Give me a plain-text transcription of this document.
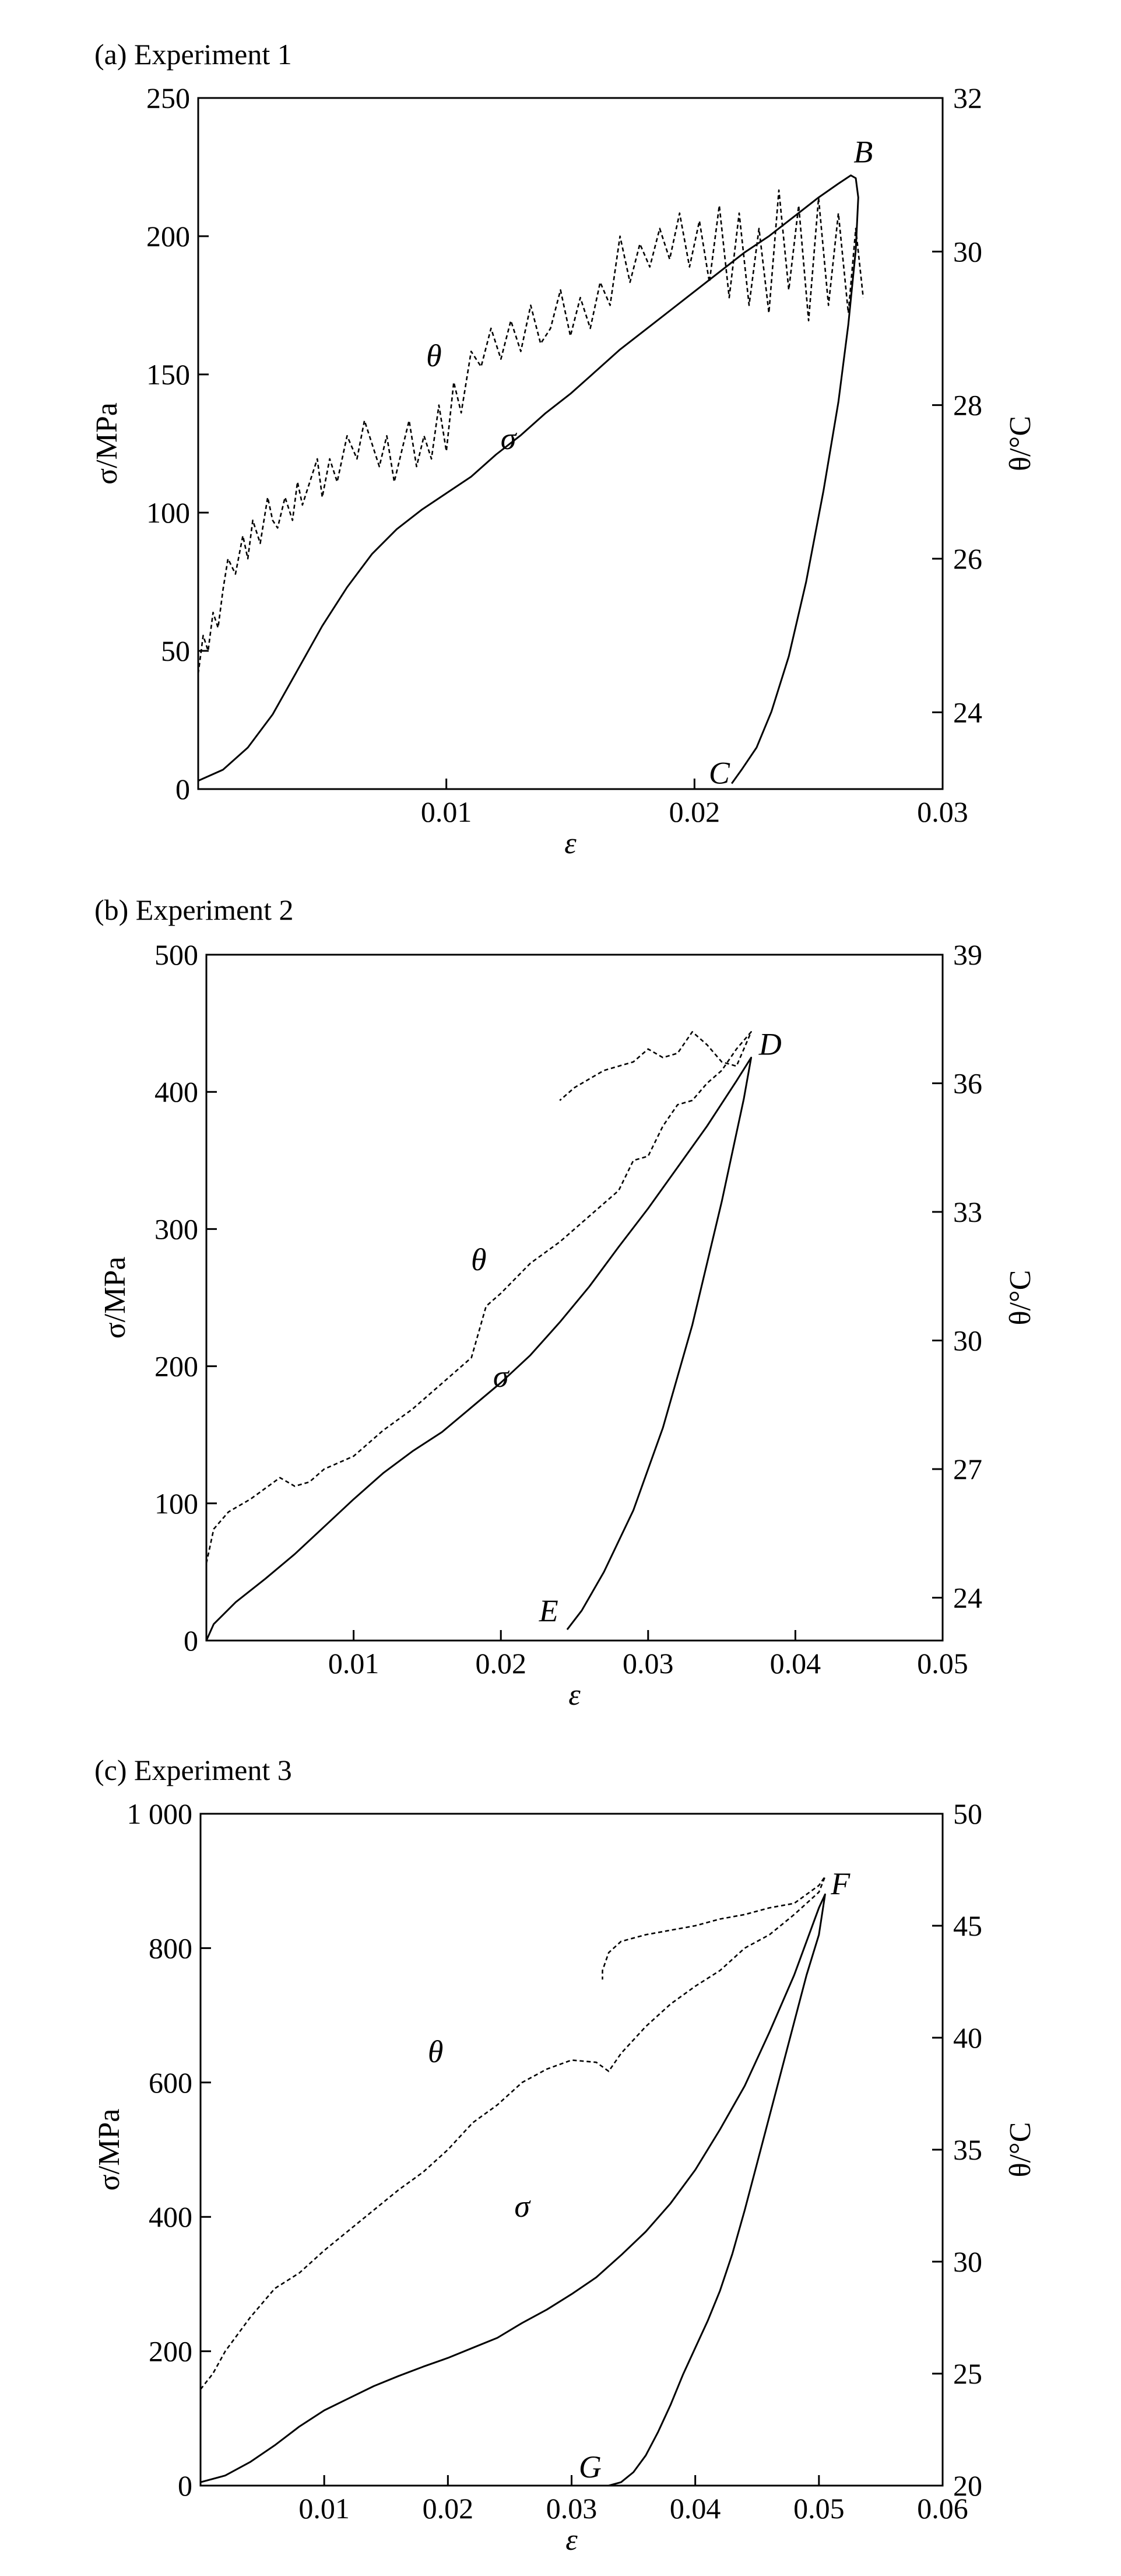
(a) Experiment 1
0
50
100
150
200
250
24
26
28
30
32
0.01	0.02	0.03
ε
σ/MPa	θ/°C
B
C
θ
σ
(b) Experiment 2
0
100
200
300
400
500
24
27
30
33
36
39
0.01	0.02	0.03	0.04	0.05
ε
σ/MPa	θ/°C
D
E
θ
σ
(c) Experiment 3
0
200
400
600
800
1 000
20
25
30
35
40
45
50
0.01 0.02 0.03 0.04 0.05 0.06
ε
σ/MPa	θ/°C
F
G
θ
σ
